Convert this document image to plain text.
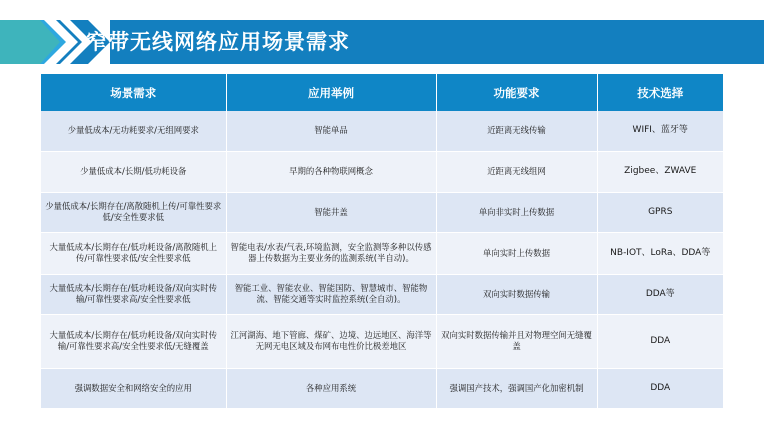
窄带无线网络应用场景需求
场景需求	应用举例	功能要求	技术选择
少量低成本/无功耗要求/无组网要求	智能单品	近距离无线传输	WIFI、蓝牙等
少量低成本/长期/低功耗设备	早期的各种物联网概念	近距离无线组网	Zigbee、ZWAVE
少量低成本/长期存在/离散随机上传/可靠性要求低/安全性要求低	智能井盖	单向非实时上传数据	GPRS
大量低成本/长期存在/低功耗设备/离散随机上传/可靠性要求低/安全性要求低	智能电表/水表/气表,环境监测，安全监测等多种以传感器上传数据为主要业务的监测系统(半自动)。	单向实时上传数据	NB-IOT、LoRa、DDA等
大量低成本/长期存在/低功耗设备/双向实时传输/可靠性要求高/安全性要求低	智能工业、智能农业、智能国防、智慧城市、智能物流、智能交通等实时监控系统(全自动)。	双向实时数据传输	DDA等
大量低成本/长期存在/低功耗设备/双向实时传输/可靠性要求高/安全性要求低/无缝覆盖	江河湖海、地下管廊、煤矿、边境、边远地区、海洋等无网无电区域及布网布电性价比极差地区	双向实时数据传输并且对物理空间无缝覆盖	DDA
强调数据安全和网络安全的应用	各种应用系统	强调国产技术，强调国产化加密机制	DDA
